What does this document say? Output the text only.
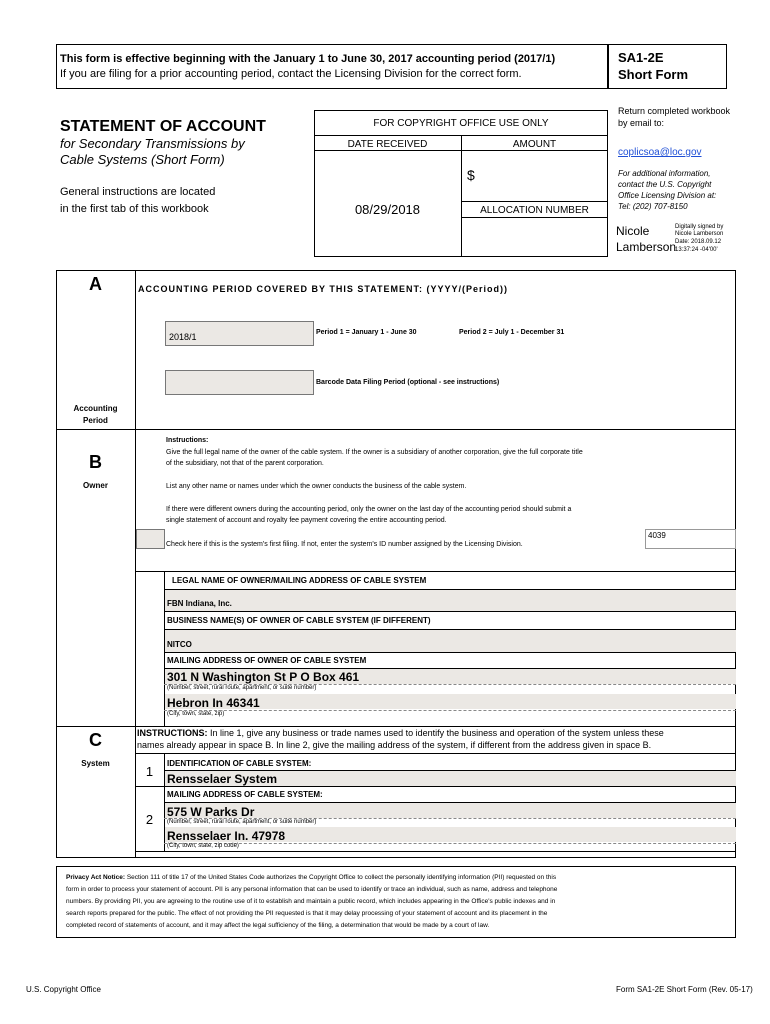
This form is effective beginning with the January 1 to June 30, 2017 accounting period (2017/1)
If you are filing for a prior accounting period, contact the Licensing Division for the correct form.
SA1-2E
Short Form
STATEMENT OF ACCOUNT
for Secondary Transmissions by
Cable Systems (Short Form)
General instructions are located
in the first tab of this workbook
FOR COPYRIGHT OFFICE USE ONLY
DATE RECEIVED	AMOUNT
$
08/29/2018	ALLOCATION NUMBER
Return completed workbook
by email to:
coplicsoa@loc.gov
For additional information,
contact the U.S. Copyright
Office Licensing Division at:
Tel: (202) 707-8150
Nicole
Lamberson
Digitally signed by
Nicole Lamberson
Date: 2018.09.12
13:37:24 -04'00'
A	ACCOUNTING PERIOD COVERED BY THIS STATEMENT: (YYYY/(Period))
2018/1	Period 1 = January 1 - June 30	Period 2 = July 1 - December 31
Barcode Data Filing Period (optional - see instructions)
Accounting
Period
B
Owner
Instructions:
Give the full legal name of the owner of the cable system. If the owner is a subsidiary of another corporation, give the full corporate title
of the subsidiary, not that of the parent corporation.
List any other name or names under which the owner conducts the business of the cable system.
If there were different owners during the accounting period, only the owner on the last day of the accounting period should submit a
single statement of account and royalty fee payment covering the entire accounting period.
Check here if this is the system's first filing. If not, enter the system's ID number assigned by the Licensing Division.
4039
LEGAL NAME OF OWNER/MAILING ADDRESS OF CABLE SYSTEM
FBN Indiana, Inc.
BUSINESS NAME(S) OF OWNER OF CABLE SYSTEM (IF DIFFERENT)
NITCO
MAILING ADDRESS OF OWNER OF CABLE SYSTEM
301 N Washington St P O Box 461
(Number, street, rural route, apartment, or suite number)
Hebron In 46341
(City, town, state, zip)
C
System
INSTRUCTIONS: In line 1, give any business or trade names used to identify the business and operation of the system unless these
names already appear in space B. In line 2, give the mailing address of the system, if different from the address given in space B.
1
IDENTIFICATION OF CABLE SYSTEM:
Rensselaer System
MAILING ADDRESS OF CABLE SYSTEM:
2	575 W Parks Dr
(Number, street, rural route, apartment, or suite number)
Rensselaer In. 47978
(City, town, state, zip code)
Privacy Act Notice: Section 111 of title 17 of the United States Code authorizes the Copyright Office to collect the personally identifying information (PII) requested on this
form in order to process your statement of account. PII is any personal information that can be used to identify or trace an individual, such as name, address and telephone
numbers. By providing PII, you are agreeing to the routine use of it to establish and maintain a public record, which includes appearing in the Office's public indexes and in
search reports prepared for the public. The effect of not providing the PII requested is that it may delay processing of your statement of account and its placement in the
completed record of statements of account, and it may affect the legal sufficiency of the filing, a determination that would be made by a court of law.
U.S. Copyright Office	Form SA1-2E Short Form (Rev. 05-17)
